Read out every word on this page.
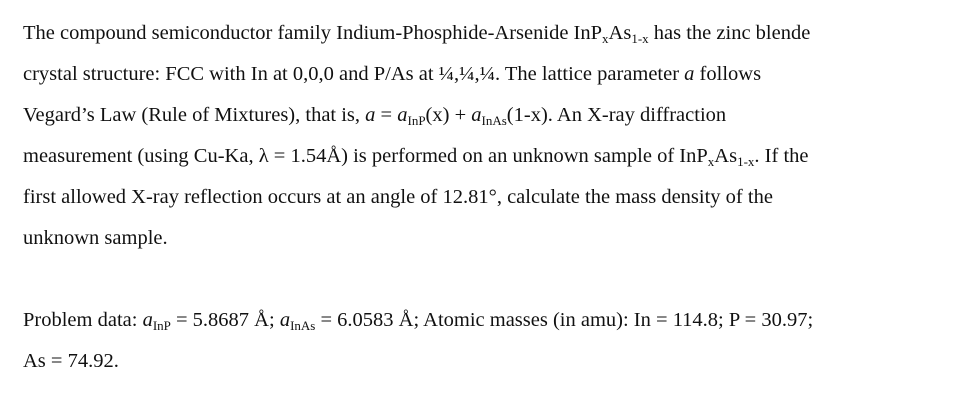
The compound semiconductor family Indium-Phosphide-Arsenide $InP_xAs_{1-x}$ has the zinc blende
crystal structure: FCC with In at 0,0,0 and P/As at ¼,¼,¼. The lattice parameter a follows
Vegard’s Law (Rule of Mixtures), that is, $a = a_{InP}(x) + a_{InAs}(1-x)$. An X-ray diffraction
measurement (using Cu-Ka, λ = 1.54Å) is performed on an unknown sample of $InP_xAs_{1-x}$. If the
first allowed X-ray reflection occurs at an angle of 12.81°, calculate the mass density of the
unknown sample.
Problem data: $a_{InP} = 5.8687$ Å; $a_{InAs} = 6.0583$ Å; Atomic masses (in amu): In = 114.8; P = 30.97;
As = 74.92.
